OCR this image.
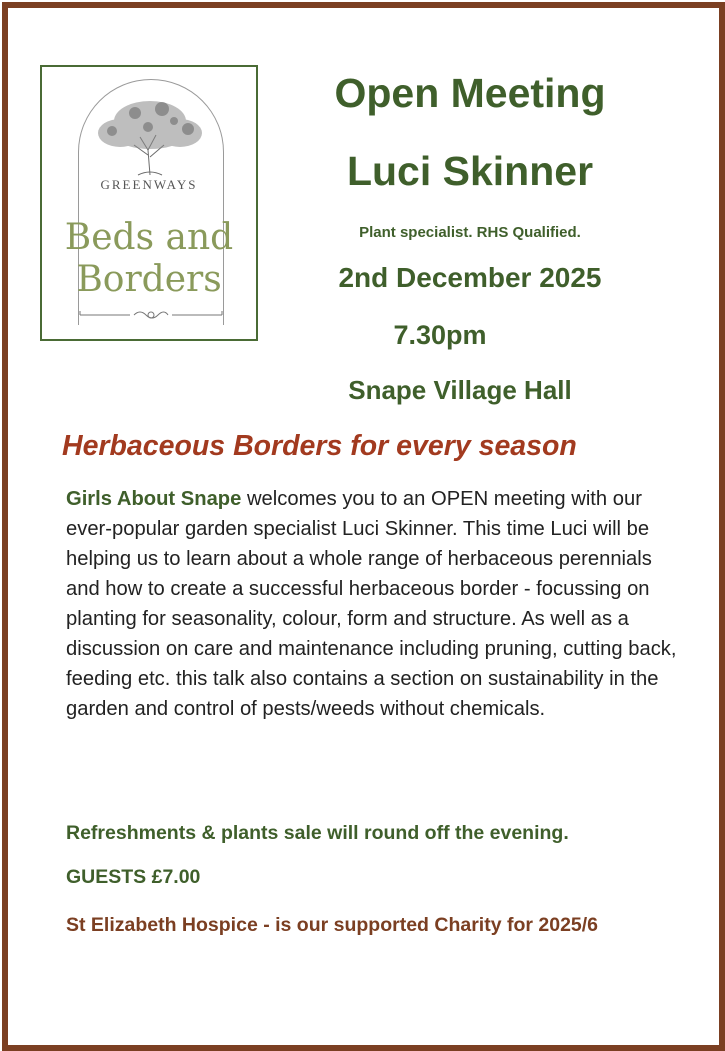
GREENWAYS
Beds and
Borders
Open Meeting
Luci Skinner
Plant specialist. RHS Qualified.
2nd December 2025
7.30pm
Snape Village Hall
Herbaceous Borders for every season
Girls About Snape welcomes you to an OPEN meeting with our ever-popular garden specialist Luci Skinner. This time Luci will be helping us to learn about a whole range of herbaceous perennials and how to create a successful herbaceous border - focussing on planting for seasonality, colour, form and structure. As well as a discussion on care and maintenance including pruning, cutting back, feeding etc. this talk also contains a section on sustainability in the garden and control of pests/weeds without chemicals.
Refreshments & plants sale will round off the evening.
GUESTS £7.00
St Elizabeth Hospice - is our supported Charity for 2025/6
